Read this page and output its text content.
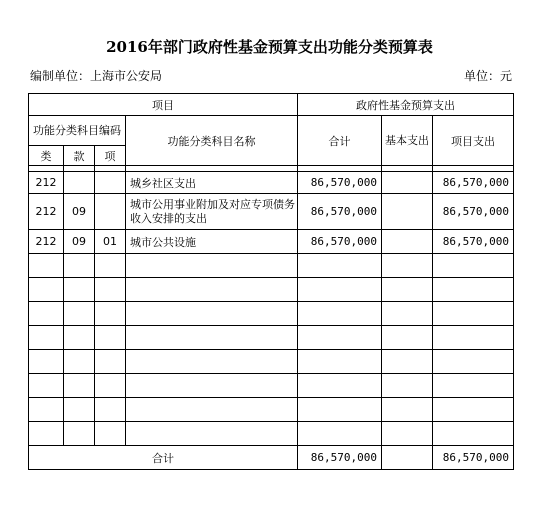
2016年部门政府性基金预算支出功能分类预算表
编制单位：上海市公安局	单位：元
项目				政府性基金预算支出		
功能分类科目编码			功能分类科目名称	合计	基本支出	项目支出
类	款	项				

212			城乡社区支出	86,570,000		86,570,000
212	09		城市公用事业附加及对应专项债务收入安排的支出	86,570,000		86,570,000
212	09	01	城市公共设施	86,570,000		86,570,000

合计				86,570,000		86,570,000
